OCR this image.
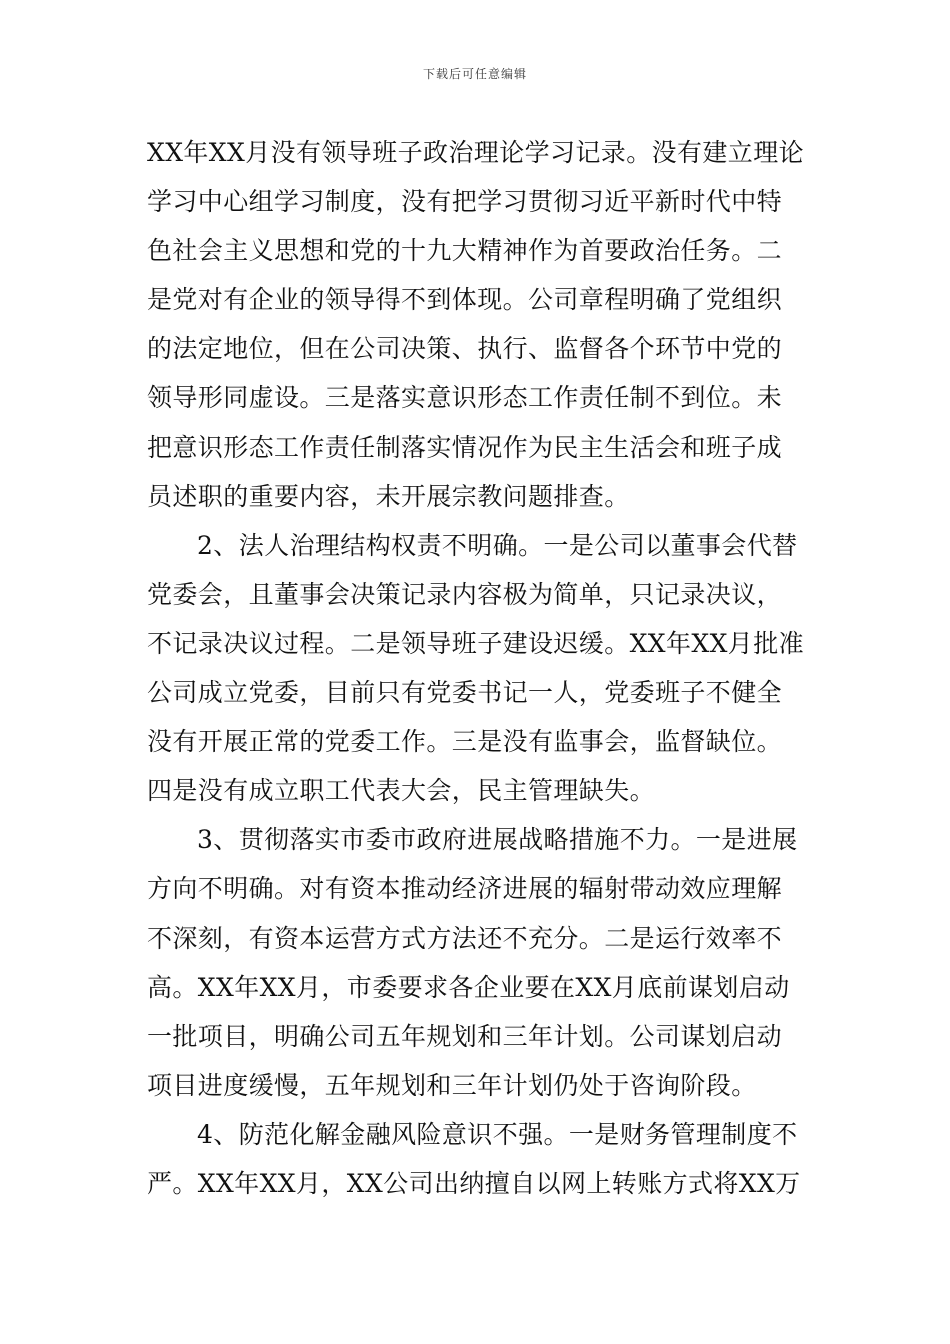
下载后可任意编辑
XX年XX月没有领导班子政治理论学习记录。没有建立理论
学习中心组学习制度，没有把学习贯彻习近平新时代中特
色社会主义思想和党的十九大精神作为首要政治任务。二
是党对有企业的领导得不到体现。公司章程明确了党组织
的法定地位，但在公司决策、执行、监督各个环节中党的
领导形同虚设。三是落实意识形态工作责任制不到位。未
把意识形态工作责任制落实情况作为民主生活会和班子成
员述职的重要内容，未开展宗教问题排查。
2、法人治理结构权责不明确。一是公司以董事会代替
党委会，且董事会决策记录内容极为简单，只记录决议，
不记录决议过程。二是领导班子建设迟缓。XX年XX月批准
公司成立党委，目前只有党委书记一人，党委班子不健全
没有开展正常的党委工作。三是没有监事会，监督缺位。
四是没有成立职工代表大会，民主管理缺失。
3、贯彻落实市委市政府进展战略措施不力。一是进展
方向不明确。对有资本推动经济进展的辐射带动效应理解
不深刻，有资本运营方式方法还不充分。二是运行效率不
高。XX年XX月，市委要求各企业要在XX月底前谋划启动
一批项目，明确公司五年规划和三年计划。公司谋划启动
项目进度缓慢，五年规划和三年计划仍处于咨询阶段。
4、防范化解金融风险意识不强。一是财务管理制度不
严。XX年XX月，XX公司出纳擅自以网上转账方式将XX万
